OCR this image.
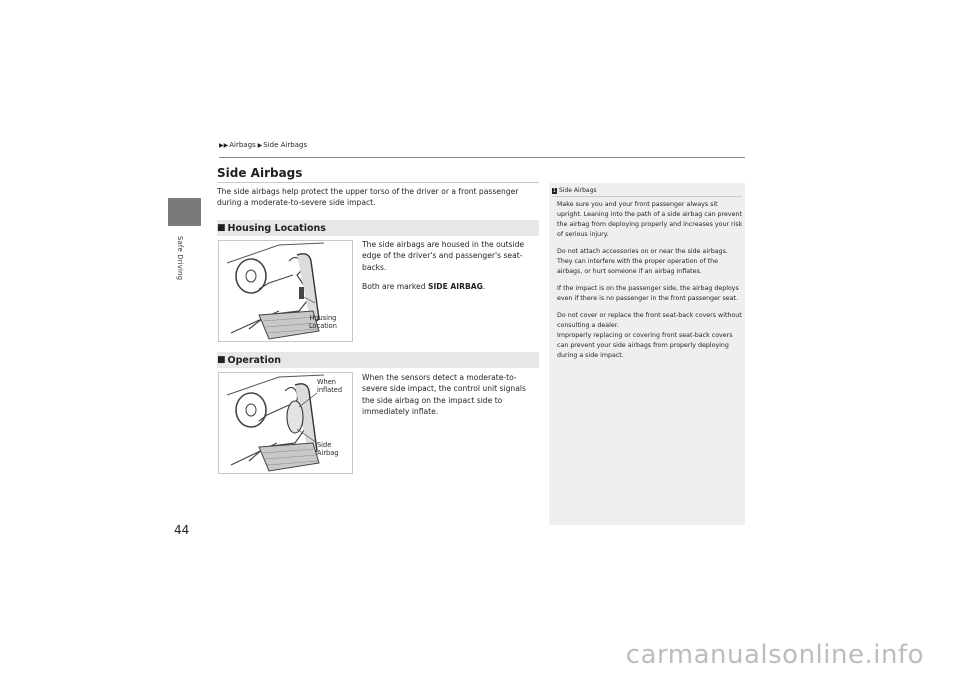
Safe Driving
▶▶ Airbags ▶ Side Airbags
Side Airbags

The side airbags help protect the upper torso of the driver or a front passenger during a moderate-to-severe side impact.

■ Housing Locations
Housing
Location

The side airbags are housed in the outside edge of the driver's and passenger's seat-backs.

Both are marked SIDE AIRBAG.

■ Operation
When
inflated
Side
Airbag

When the sensors detect a moderate-to-severe side impact, the control unit signals the side airbag on the impact side to immediately inflate.

1 Side Airbags

Make sure you and your front passenger always sit upright. Leaning into the path of a side airbag can prevent the airbag from deploying properly and increases your risk of serious injury.

Do not attach accessories on or near the side airbags. They can interfere with the proper operation of the airbags, or hurt someone if an airbag inflates.

If the impact is on the passenger side, the airbag deploys even if there is no passenger in the front passenger seat.

Do not cover or replace the front seat-back covers without consulting a dealer.

Improperly replacing or covering front seat-back covers can prevent your side airbags from properly deploying during a side impact.

44
carmanualsonline.info
